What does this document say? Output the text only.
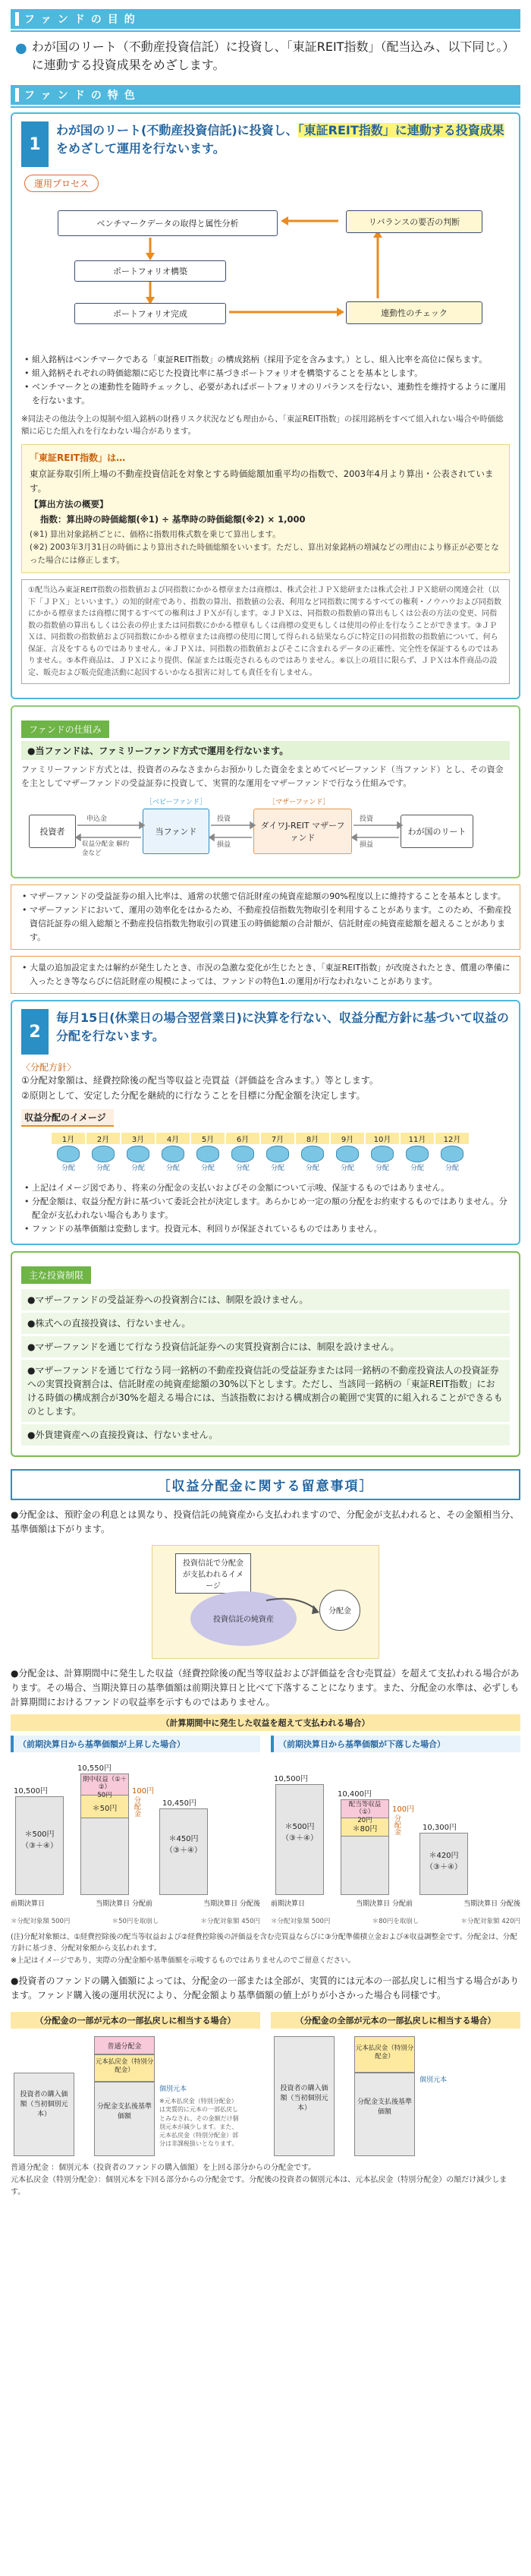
ファンドの目的
● わが国のリート（不動産投資信託）に投資し、「東証REIT指数」（配当込み、以下同じ。）に連動する投資成果をめざします。

ファンドの特色
1

わが国のリート(不動産投資信託)に投資し、「東証REIT指数」に連動する投資成果をめざして運用を行ないます。

運用プロセス
ベンチマークデータの取得と属性分析
ポートフォリオ構築
ポートフォリオ完成
リバランスの要否の判断
連動性のチェック
• 組入銘柄はベンチマークである「東証REIT指数」の構成銘柄（採用予定を含みます。）とし、組入比率を高位に保ちます。
• 組入銘柄それぞれの時価総額に応じた投資比率に基づきポートフォリオを構築することを基本とします。
• ベンチマークとの連動性を随時チェックし、必要があればポートフォリオのリバランスを行ない、連動性を維持するように運用を行ないます。

※同法その他法令上の規制や組入銘柄の財務リスク状況なども理由から、「東証REIT指数」の採用銘柄をすべて組入れない場合や時価総額に応じた組入れを行なわない場合があります。

「東証REIT指数」は…

東京証券取引所上場の不動産投資信託を対象とする時価総額加重平均の指数で、2003年4月より算出・公表されています。

【算出方法の概要】

指数：算出時の時価総額(※1) ÷ 基準時の時価総額(※2) × 1,000

(※1) 算出対象銘柄ごとに、価格に指数用株式数を乗じて算出します。

(※2) 2003年3月31日の時価により算出された時価総額をいいます。ただし、算出対象銘柄の増減などの理由により修正が必要となった場合には修正します。

①配当込み東証REIT指数の指数値および同指数にかかる標章または商標は、株式会社ＪＰＸ総研または株式会社ＪＰＸ総研の関連会社（以下「ＪＰＸ」といいます。）の知的財産であり、指数の算出、指数値の公表、利用など同指数に関するすべての権利・ノウハウおよび同指数にかかる標章または商標に関するすべての権利はＪＰＸが有します。②ＪＰＸは、同指数の指数値の算出もしくは公表の方法の変更、同指数の指数値の算出もしくは公表の停止または同指数にかかる標章もしくは商標の変更もしくは使用の停止を行なうことができます。③ＪＰＸは、同指数の指数値および同指数にかかる標章または商標の使用に関して得られる結果ならびに特定日の同指数の指数値について、何ら保証、言及をするものではありません。④ＪＰＸは、同指数の指数値およびそこに含まれるデータの正確性、完全性を保証するものではありません。⑤本件商品は、ＪＰＸにより提供、保証または販売されるものではありません。⑥以上の項目に限らず、ＪＰＸは本件商品の設定、販売および販売促進活動に起因するいかなる損害に対しても責任を有しません。
ファンドの仕組み
●当ファンドは、ファミリーファンド方式で運用を行ないます。

ファミリーファンド方式とは、投資者のみなさまからお預かりした資金をまとめてベビーファンド（当ファンド）とし、その資金を主としてマザーファンドの受益証券に投資して、実質的な運用をマザーファンドで行なう仕組みです。

投資者
申込金
収益分配金 解約金など
［ベビーファンド］
当ファンド
投資
損益
［マザーファンド］
ダイワJ-REIT マザーファンド
投資
損益
わが国のリート
• マザーファンドの受益証券の組入比率は、通常の状態で信託財産の純資産総額の90%程度以上に維持することを基本とします。
• マザーファンドにおいて、運用の効率化をはかるため、不動産投信指数先物取引を利用することがあります。このため、不動産投資信託証券の組入総額と不動産投信指数先物取引の買建玉の時価総額の合計額が、信託財産の純資産総額を超えることがあります。
• 大量の追加設定または解約が発生したとき、市況の急激な変化が生じたとき、「東証REIT指数」が改廃されたとき、償還の準備に入ったとき等ならびに信託財産の規模によっては、ファンドの特色1.の運用が行なわれないことがあります。
2

毎月15日(休業日の場合翌営業日)に決算を行ない、収益分配方針に基づいて収益の分配を行ないます。

〈分配方針〉

①分配対象額は、経費控除後の配当等収益と売買益（評価益を含みます。）等とします。

②原則として、安定した分配を継続的に行なうことを目標に分配金額を決定します。

収益分配のイメージ
1月
分配
2月
分配
3月
分配
4月
分配
5月
分配
6月
分配
7月
分配
8月
分配
9月
分配
10月
分配
11月
分配
12月
分配
• 上記はイメージ図であり、将来の分配金の支払いおよびその金額について示唆、保証するものではありません。
• 分配金額は、収益分配方針に基づいて委託会社が決定します。あらかじめ一定の額の分配をお約束するものではありません。分配金が支払われない場合もあります。
• ファンドの基準価額は変動します。投資元本、利回りが保証されているものではありません。
主な投資制限
●マザーファンドの受益証券への投資割合には、制限を設けません。
●株式への直接投資は、行ないません。
●マザーファンドを通じて行なう投資信託証券への実質投資割合には、制限を設けません。
●マザーファンドを通じて行なう同一銘柄の不動産投資信託の受益証券または同一銘柄の不動産投資法人の投資証券への実質投資割合は、信託財産の純資産総額の30%以下とします。ただし、当該同一銘柄の「東証REIT指数」における時価の構成割合が30%を超える場合には、当該指数における構成割合の範囲で実質的に組入れることができるものとします。
●外貨建資産への直接投資は、行ないません。
［収益分配金に関する留意事項］

●分配金は、預貯金の利息とは異なり、投資信託の純資産から支払われますので、分配金が支払われると、その金額相当分、基準価額は下がります。

投資信託で分配金が支払われるイメージ
投資信託の純資産
分配金

●分配金は、計算期間中に発生した収益（経費控除後の配当等収益および評価益を含む売買益）を超えて支払われる場合があります。その場合、当期決算日の基準価額は前期決算日と比べて下落することになります。また、分配金の水準は、必ずしも計算期間におけるファンドの収益率を示すものではありません。

（計算期間中に発生した収益を超えて支払われる場合）
（前期決算日から基準価額が上昇した場合）
10,500円
10,550円
10,450円
＊500円
（③＋④）
期中収益（①＋②）
50円
＊50円
100円
分配金
＊450円
（③＋④）
前期決算日	当期決算日 分配前	当期決算日 分配後
＊分配対象額 500円	＊50円を取崩し	＊分配対象額 450円
（前期決算日から基準価額が下落した場合）
10,500円
10,400円
10,300円
＊500円
（③＋④）
配当等収益（①）
20円
＊80円
100円
分配金
＊420円
（③＋④）
前期決算日	当期決算日 分配前	当期決算日 分配後
＊分配対象額 500円	＊80円を取崩し	＊分配対象額 420円

(注)分配対象額は、①経費控除後の配当等収益および②経費控除後の評価益を含む売買益ならびに③分配準備積立金および④収益調整金です。分配金は、分配方針に基づき、分配対象額から支払われます。

※上記はイメージであり、実際の分配金額や基準価額を示唆するものではありませんのでご留意ください。

●投資者のファンドの購入価額によっては、分配金の一部または全部が、実質的には元本の一部払戻しに相当する場合があります。ファンド購入後の運用状況により、分配金額より基準価額の値上がりが小さかった場合も同様です。

（分配金の一部が元本の一部払戻しに相当する場合）
投資者の購入価額（当初個別元本）
普通分配金
元本払戻金（特別分配金）
分配金支払後基準価額
個別元本

※元本払戻金（特別分配金）は実質的に元本の一部払戻しとみなされ、その金額だけ個別元本が減少します。また、元本払戻金（特別分配金）部分は非課税扱いとなります。

（分配金の全部が元本の一部払戻しに相当する場合）
投資者の購入価額（当初個別元本）
元本払戻金（特別分配金）
分配金支払後基準価額
個別元本

普通分配金 ：個別元本（投資者のファンドの購入価額）を上回る部分からの分配金です。

元本払戻金（特別分配金）：個別元本を下回る部分からの分配金です。分配後の投資者の個別元本は、元本払戻金（特別分配金）の額だけ減少します。
